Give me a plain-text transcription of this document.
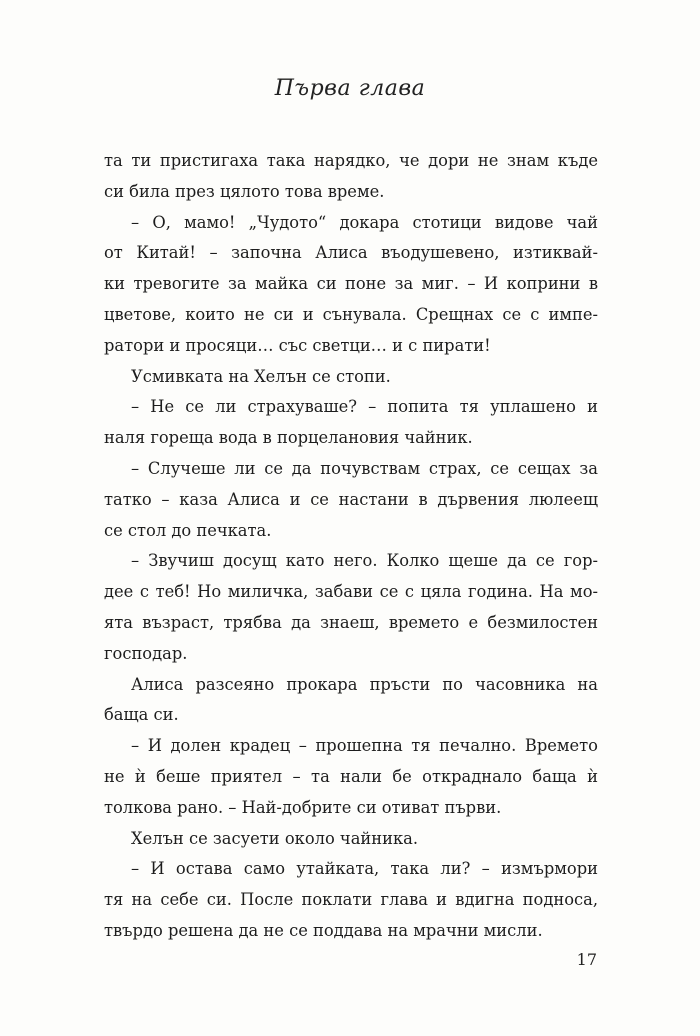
Първа глава
та ти пристигаха така нарядко, че дори не знам къде
си била през цялото това време.
– О, мамо! „Чудото“ докара стотици видове чай
от Китай! – започна Алиса въодушевено, изтиквай-
ки тревогите за майка си поне за миг. – И коприни в
цветове, които не си и сънувала. Срещнах се с импе-
ратори и просяци… със светци… и с пирати!
Усмивката на Хелън се стопи.
– Не се ли страхуваше? – попита тя уплашено и
наля гореща вода в порцелановия чайник.
– Случеше ли се да почувствам страх, се сещах за
татко – каза Алиса и се настани в дървения люлеещ
се стол до печката.
– Звучиш досущ като него. Колко щеше да се гор-
дее с теб! Но миличка, забави се с цяла година. На мо-
ята възраст, трябва да знаеш, времето е безмилостен
господар.
Алиса разсеяно прокара пръсти по часовника на
баща си.
– И долен крадец – прошепна тя печално. Времето
не ѝ беше приятел – та нали бе откраднало баща ѝ
толкова рано. – Най-добрите си отиват първи.
Хелън се засуети около чайника.
– И остава само утайката, така ли? – измърмори
тя на себе си. После поклати глава и вдигна подноса,
твърдо решена да не се поддава на мрачни мисли.
17
